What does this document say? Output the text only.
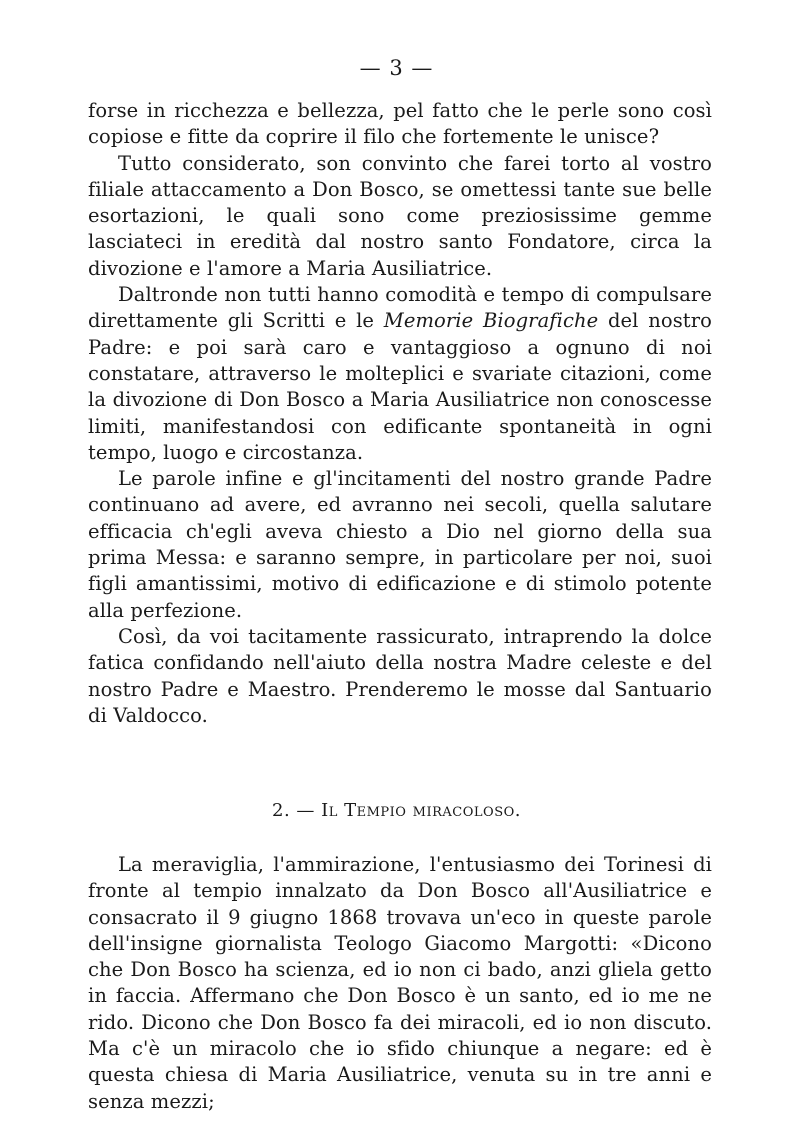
— 3 —

forse in ricchezza e bellezza, pel fatto che le perle sono così copiose e fitte da coprire il filo che fortemente le unisce?

Tutto considerato, son convinto che farei torto al vostro filiale attaccamento a Don Bosco, se omettessi tante sue belle esortazioni, le quali sono come preziosissime gemme lasciateci in eredità dal nostro santo Fondatore, circa la divozione e l'amore a Maria Ausiliatrice.

Daltronde non tutti hanno comodità e tempo di compulsare direttamente gli Scritti e le Memorie Biografiche del nostro Padre: e poi sarà caro e vantaggioso a ognuno di noi constatare, attraverso le molteplici e svariate citazioni, come la divozione di Don Bosco a Maria Ausiliatrice non conoscesse limiti, manifestandosi con edificante spontaneità in ogni tempo, luogo e circostanza.

Le parole infine e gl'incitamenti del nostro grande Padre continuano ad avere, ed avranno nei secoli, quella salutare efficacia ch'egli aveva chiesto a Dio nel giorno della sua prima Messa: e saranno sempre, in particolare per noi, suoi figli amantissimi, motivo di edificazione e di stimolo potente alla perfezione.

Così, da voi tacitamente rassicurato, intraprendo la dolce fatica confidando nell'aiuto della nostra Madre celeste e del nostro Padre e Maestro. Prenderemo le mosse dal Santuario di Valdocco.

2. — Il Tempio miracoloso.

La meraviglia, l'ammirazione, l'entusiasmo dei Torinesi di fronte al tempio innalzato da Don Bosco all'Ausiliatrice e consacrato il 9 giugno 1868 trovava un'eco in queste parole dell'insigne giornalista Teologo Giacomo Margotti: «Dicono che Don Bosco ha scienza, ed io non ci bado, anzi gliela getto in faccia. Affermano che Don Bosco è un santo, ed io me ne rido. Dicono che Don Bosco fa dei miracoli, ed io non discuto. Ma c'è un miracolo che io sfido chiunque a negare: ed è questa chiesa di Maria Ausiliatrice, venuta su in tre anni e senza mezzi;
